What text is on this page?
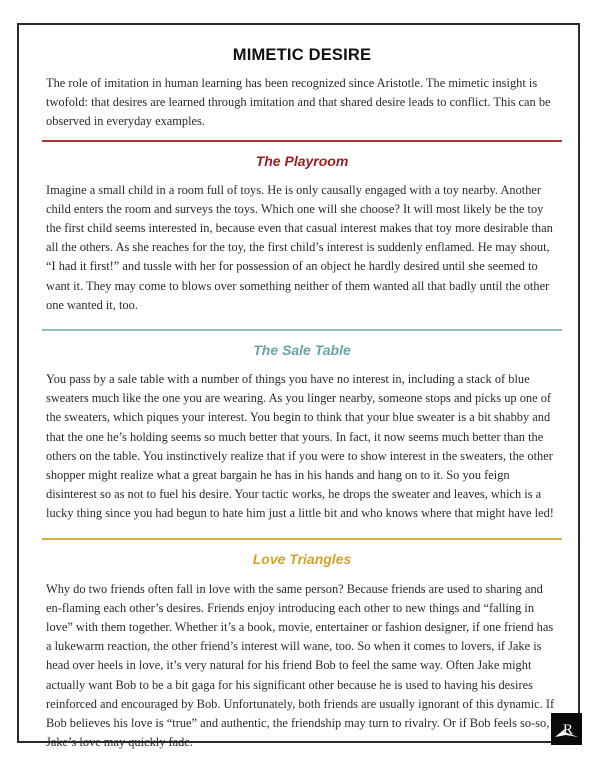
MIMETIC DESIRE

The role of imitation in human learning has been recognized since Aristotle. The mimetic insight is twofold: that desires are learned through imitation and that shared desire leads to conflict. This can be observed in everyday examples.

The Playroom

Imagine a small child in a room full of toys. He is only causally engaged with a toy nearby. Another child enters the room and surveys the toys. Which one will she choose? It will most likely be the toy the first child seems interested in, because even that casual interest makes that toy more desirable than all the others. As she reaches for the toy, the first child’s interest is suddenly enflamed. He may shout, “I had it first!” and tussle with her for possession of an object he hardly desired until she seemed to want it. They may come to blows over something neither of them wanted all that badly until the other one wanted it, too.

The Sale Table

You pass by a sale table with a number of things you have no interest in, including a stack of blue sweaters much like the one you are wearing. As you linger nearby, someone stops and picks up one of the sweaters, which piques your interest. You begin to think that your blue sweater is a bit shabby and that the one he’s holding seems so much better that yours. In fact, it now seems much better than the others on the table. You instinctively realize that if you were to show interest in the sweaters, the other shopper might realize what a great bargain he has in his hands and hang on to it. So you feign disinterest so as not to fuel his desire. Your tactic works, he drops the sweater and leaves, which is a lucky thing since you had begun to hate him just a little bit and who knows where that might have led!

Love Triangles

Why do two friends often fall in love with the same person? Because friends are used to sharing and en-flaming each other’s desires. Friends enjoy introducing each other to new things and “falling in love” with them together. Whether it’s a book, movie, entertainer or fashion designer, if one friend has a lukewarm reaction, the other friend’s interest will wane, too. So when it comes to lovers, if Jake is head over heels in love, it’s very natural for his friend Bob to feel the same way. Often Jake might actually want Bob to be a bit gaga for his significant other because he is used to having his desires reinforced and encouraged by Bob. Unfortunately, both friends are usually ignorant of this dynamic. If Bob believes his love is “true” and authentic, the friendship may turn to rivalry. Or if Bob feels so-so, Jake’s love may quickly fade.

R
